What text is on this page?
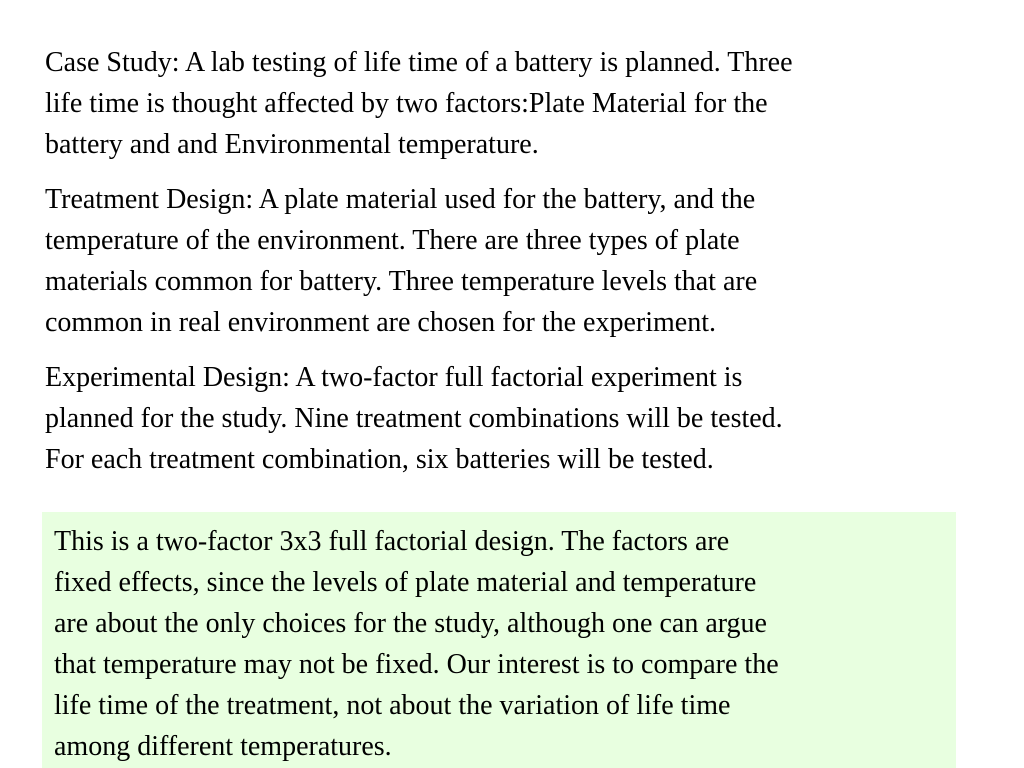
Case Study: A lab testing of life time of a battery is planned. Three
life time is thought affected by two factors:Plate Material for the
battery and and Environmental temperature.

Treatment Design: A plate material used for the battery, and the
temperature of the environment. There are three types of plate
materials common for battery. Three temperature levels that are
common in real environment are chosen for the experiment.

Experimental Design: A two-factor full factorial experiment is
planned for the study. Nine treatment combinations will be tested.
For each treatment combination, six batteries will be tested.

This is a two-factor 3x3 full factorial design. The factors are
fixed effects, since the levels of plate material and temperature
are about the only choices for the study, although one can argue
that temperature may not be fixed. Our interest is to compare the
life time of the treatment, not about the variation of life time
among different temperatures.
